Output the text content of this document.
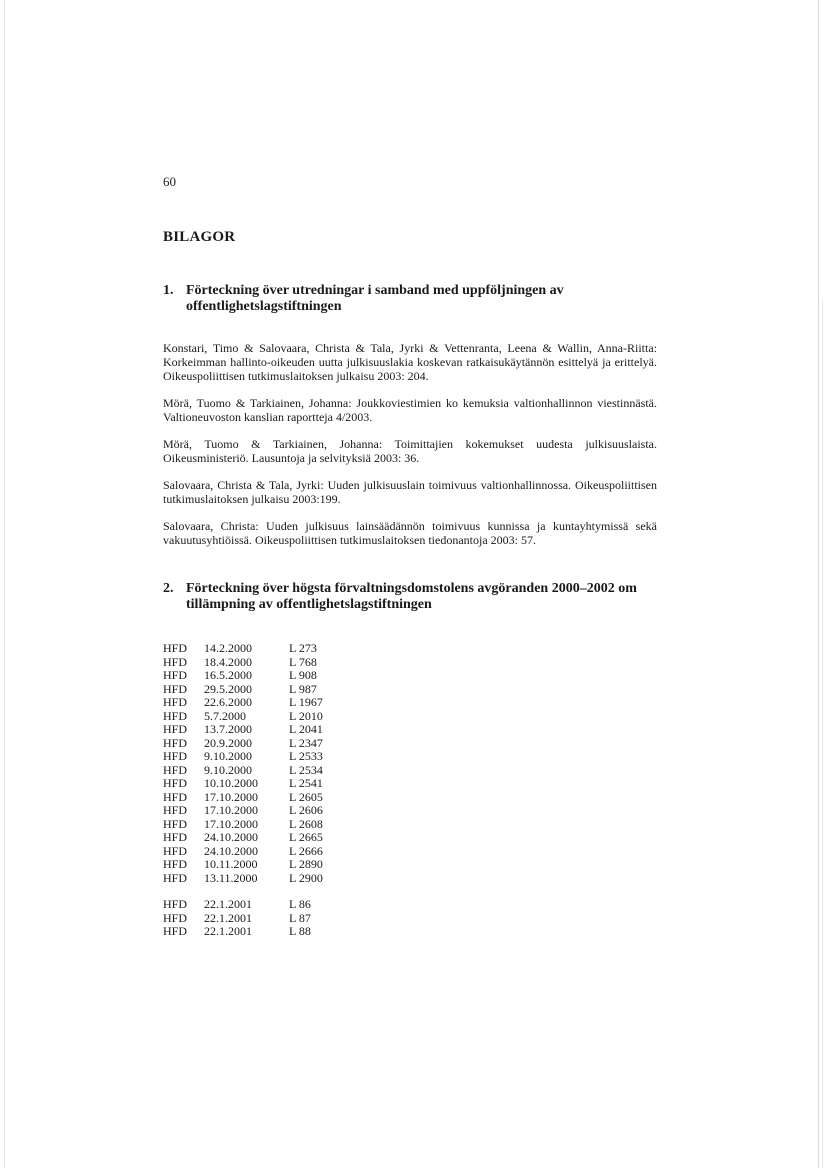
60
BILAGOR
1. Förteckning över utredningar i samband med uppföljningen av offentlighetslagstiftningen
Konstari, Timo & Salovaara, Christa & Tala, Jyrki & Vettenranta, Leena & Wallin, Anna-Riitta: Korkeimman hallinto-oikeuden uutta julkisuuslakia koskevan ratkaisukäytännön esittelyä ja erittelyä. Oikeuspoliittisen tutkimuslaitoksen julkaisu 2003: 204.
Mörä, Tuomo & Tarkiainen, Johanna: Joukkoviestimien ko kemuksia valtionhallinnon viestinnästä. Valtioneuvoston kanslian raportteja 4/2003.
Mörä, Tuomo & Tarkiainen, Johanna: Toimittajien kokemukset uudesta julkisuuslaista. Oikeusministeriö. Lausuntoja ja selvityksiä 2003: 36.
Salovaara, Christa & Tala, Jyrki: Uuden julkisuuslain toimivuus valtionhallinnossa. Oikeuspoliittisen tutkimuslaitoksen julkaisu 2003:199.
Salovaara, Christa: Uuden julkisuus lainsäädännön toimivuus kunnissa ja kuntayhtymissä sekä vakuutusyhtiöissä. Oikeuspoliittisen tutkimuslaitoksen tiedonantoja 2003: 57.
2. Förteckning över högsta förvaltningsdomstolens avgöranden 2000–2002 om tillämpning av offentlighetslagstiftningen
HFD	14.2.2000	L 273
HFD	18.4.2000	L 768
HFD	16.5.2000	L 908
HFD	29.5.2000	L 987
HFD	22.6.2000	L 1967
HFD	5.7.2000	L 2010
HFD	13.7.2000	L 2041
HFD	20.9.2000	L 2347
HFD	9.10.2000	L 2533
HFD	9.10.2000	L 2534
HFD	10.10.2000	L 2541
HFD	17.10.2000	L 2605
HFD	17.10.2000	L 2606
HFD	17.10.2000	L 2608
HFD	24.10.2000	L 2665
HFD	24.10.2000	L 2666
HFD	10.11.2000	L 2890
HFD	13.11.2000	L 2900
HFD	22.1.2001	L 86
HFD	22.1.2001	L 87
HFD	22.1.2001	L 88
